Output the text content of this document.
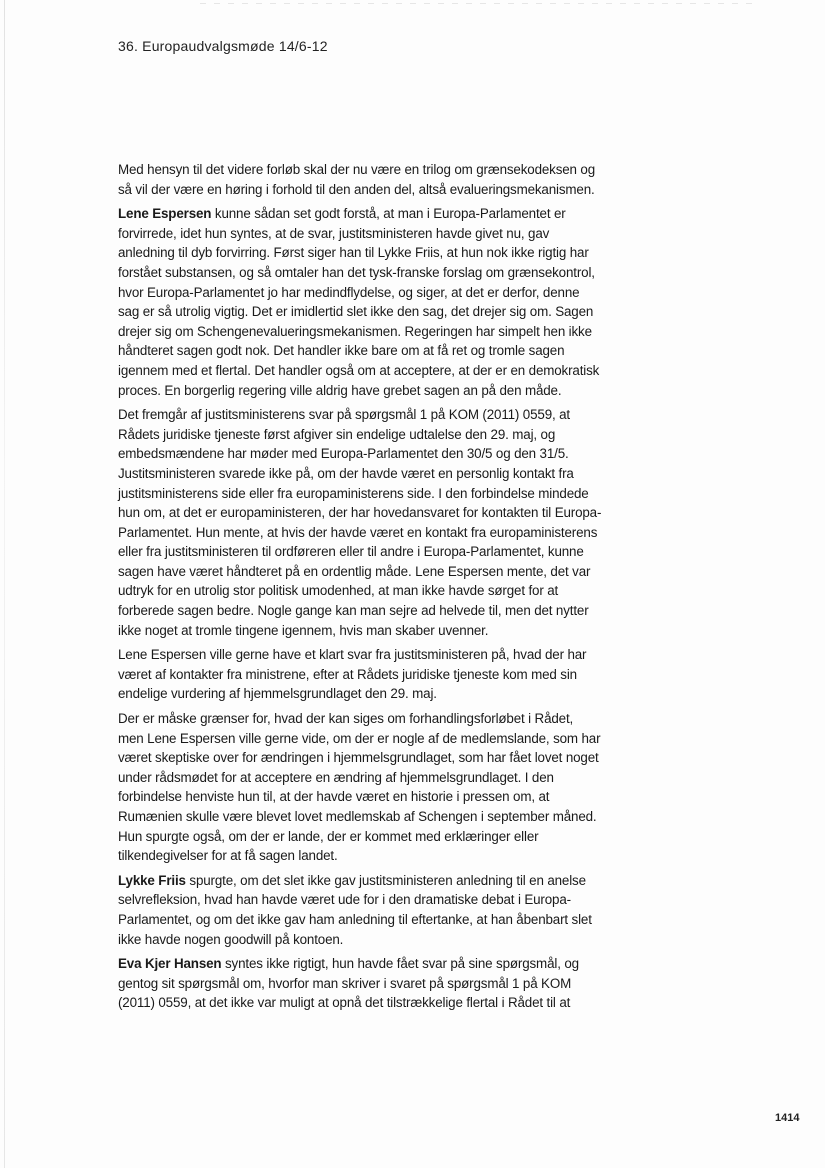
36. Europaudvalgsmøde 14/6-12

Med hensyn til det videre forløb skal der nu være en trilog om grænsekodeksen og så vil der være en høring i forhold til den anden del, altså evalueringsmekanismen.

Lene Espersen kunne sådan set godt forstå, at man i Europa-Parlamentet er forvirrede, idet hun syntes, at de svar, justitsministeren havde givet nu, gav anledning til dyb forvirring. Først siger han til Lykke Friis, at hun nok ikke rigtig har forstået substansen, og så omtaler han det tysk-franske forslag om grænsekontrol, hvor Europa-Parlamentet jo har medindflydelse, og siger, at det er derfor, denne sag er så utrolig vigtig. Det er imidlertid slet ikke den sag, det drejer sig om. Sagen drejer sig om Schengenevalueringsmekanismen. Regeringen har simpelt hen ikke håndteret sagen godt nok. Det handler ikke bare om at få ret og tromle sagen igennem med et flertal. Det handler også om at acceptere, at der er en demokratisk proces. En borgerlig regering ville aldrig have grebet sagen an på den måde.

Det fremgår af justitsministerens svar på spørgsmål 1 på KOM (2011) 0559, at Rådets juridiske tjeneste først afgiver sin endelige udtalelse den 29. maj, og embedsmændene har møder med Europa-Parlamentet den 30/5 og den 31/5. Justitsministeren svarede ikke på, om der havde været en personlig kontakt fra justitsministerens side eller fra europaministerens side. I den forbindelse mindede hun om, at det er europaministeren, der har hovedansvaret for kontakten til Europa-Parlamentet. Hun mente, at hvis der havde været en kontakt fra europaministerens eller fra justitsministeren til ordføreren eller til andre i Europa-Parlamentet, kunne sagen have været håndteret på en ordentlig måde. Lene Espersen mente, det var udtryk for en utrolig stor politisk umodenhed, at man ikke havde sørget for at forberede sagen bedre. Nogle gange kan man sejre ad helvede til, men det nytter ikke noget at tromle tingene igennem, hvis man skaber uvenner.

Lene Espersen ville gerne have et klart svar fra justitsministeren på, hvad der har været af kontakter fra ministrene, efter at Rådets juridiske tjeneste kom med sin endelige vurdering af hjemmelsgrundlaget den 29. maj.

Der er måske grænser for, hvad der kan siges om forhandlingsforløbet i Rådet, men Lene Espersen ville gerne vide, om der er nogle af de medlemslande, som har været skeptiske over for ændringen i hjemmelsgrundlaget, som har fået lovet noget under rådsmødet for at acceptere en ændring af hjemmelsgrundlaget. I den forbindelse henviste hun til, at der havde været en historie i pressen om, at Rumænien skulle være blevet lovet medlemskab af Schengen i september måned. Hun spurgte også, om der er lande, der er kommet med erklæringer eller tilkendegivelser for at få sagen landet.

Lykke Friis spurgte, om det slet ikke gav justitsministeren anledning til en anelse selvrefleksion, hvad han havde været ude for i den dramatiske debat i Europa-Parlamentet, og om det ikke gav ham anledning til eftertanke, at han åbenbart slet ikke havde nogen goodwill på kontoen.

Eva Kjer Hansen syntes ikke rigtigt, hun havde fået svar på sine spørgsmål, og gentog sit spørgsmål om, hvorfor man skriver i svaret på spørgsmål 1 på KOM (2011) 0559, at det ikke var muligt at opnå det tilstrækkelige flertal i Rådet til at

1414
